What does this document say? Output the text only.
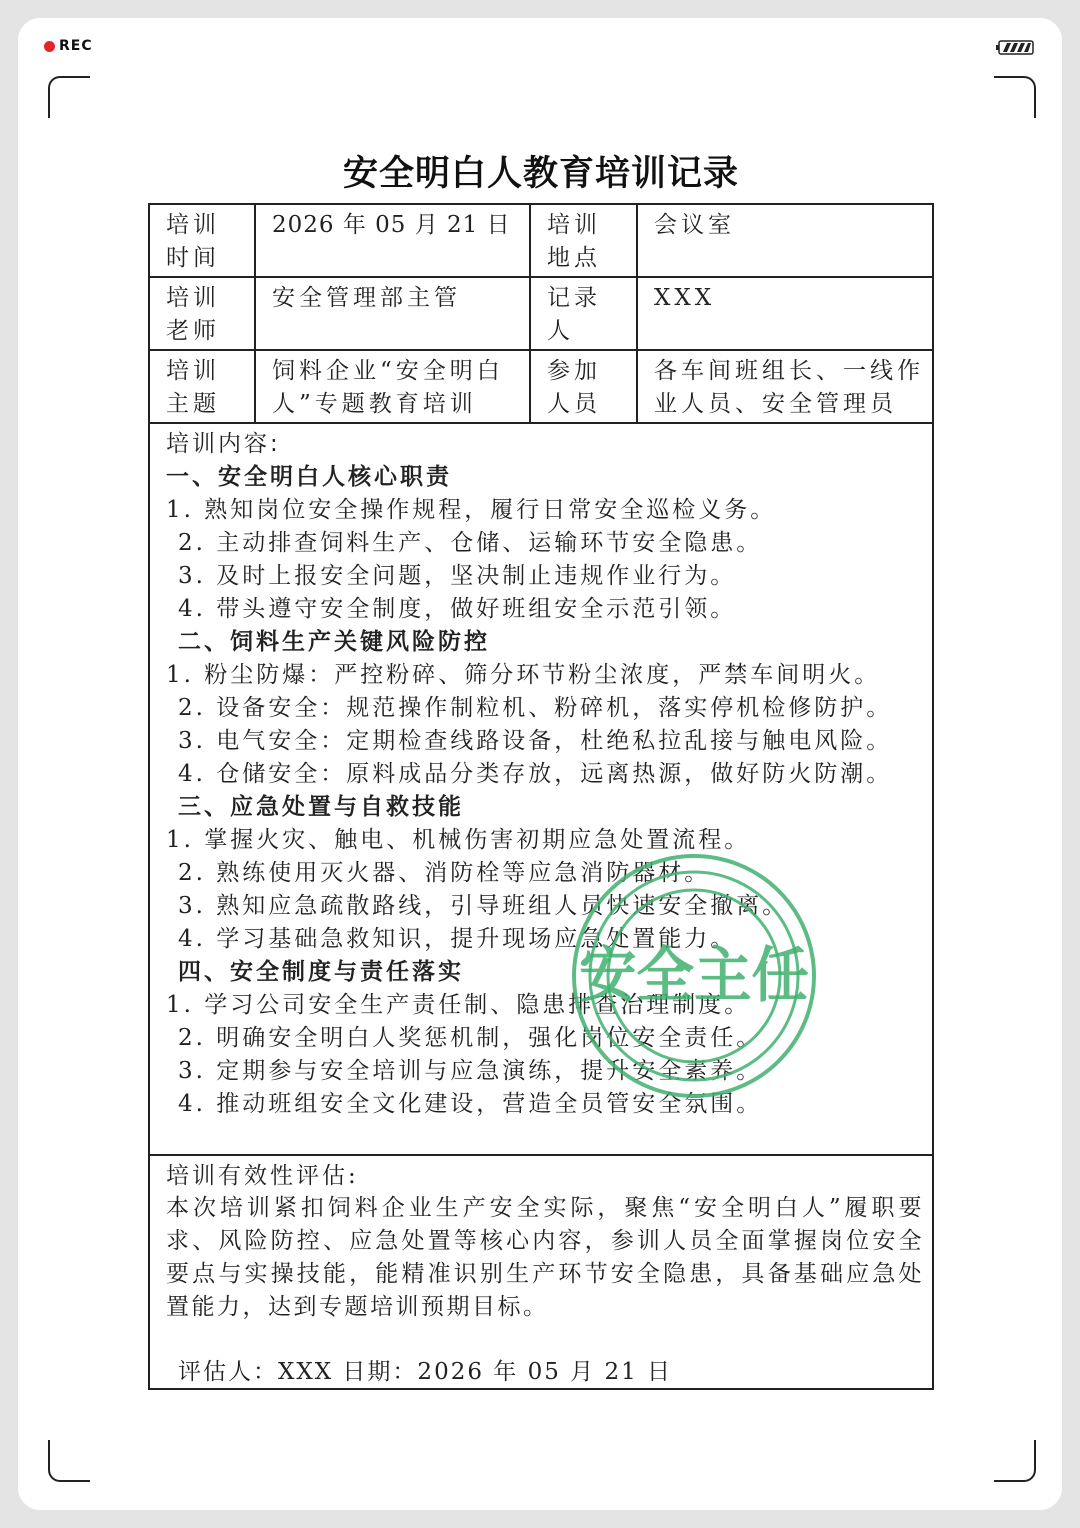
REC
安全明白人教育培训记录
培训
时间
2026 年 05 月 21 日	培训
地点
会议室
培训
老师
安全管理部主管	记录
人
XXX
培训
主题
饲料企业“安全明白
人”专题教育培训
参加
人员
各车间班组长、一线作
业人员、安全管理员
培训内容:
一、安全明白人核心职责
1. 熟知岗位安全操作规程，履行日常安全巡检义务。
2. 主动排查饲料生产、仓储、运输环节安全隐患。
3. 及时上报安全问题，坚决制止违规作业行为。
4. 带头遵守安全制度，做好班组安全示范引领。
二、饲料生产关键风险防控
1. 粉尘防爆：严控粉碎、筛分环节粉尘浓度，严禁车间明火。
2. 设备安全：规范操作制粒机、粉碎机，落实停机检修防护。
3. 电气安全：定期检查线路设备，杜绝私拉乱接与触电风险。
4. 仓储安全：原料成品分类存放，远离热源，做好防火防潮。
三、应急处置与自救技能
1. 掌握火灾、触电、机械伤害初期应急处置流程。
2. 熟练使用灭火器、消防栓等应急消防器材。
3. 熟知应急疏散路线，引导班组人员快速安全撤离。
4. 学习基础急救知识，提升现场应急处置能力。
四、安全制度与责任落实
1. 学习公司安全生产责任制、隐患排查治理制度。
2. 明确安全明白人奖惩机制，强化岗位安全责任。
3. 定期参与安全培训与应急演练，提升安全素养。
4. 推动班组安全文化建设，营造全员管安全氛围。
培训有效性评估:

本次培训紧扣饲料企业生产安全实际，聚焦“安全明白人”履职要求、风险防控、应急处置等核心内容，参训人员全面掌握岗位安全要点与实操技能，能精准识别生产环节安全隐患，具备基础应急处置能力，达到专题培训预期目标。

评估人：XXX 日期：2026 年 05 月 21 日
安全主任
